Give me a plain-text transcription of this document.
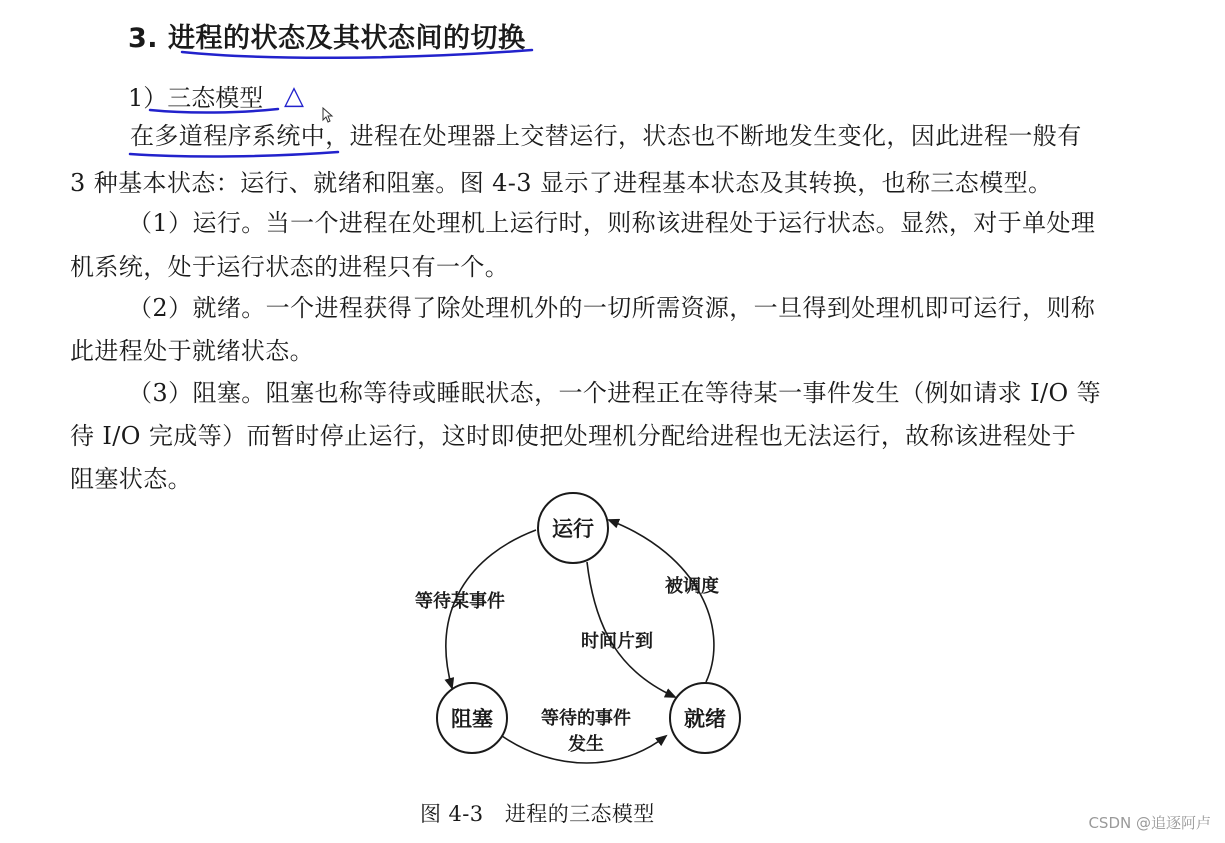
3. 进程的状态及其状态间的切换
1）三态模型
在多道程序系统中，进程在处理器上交替运行，状态也不断地发生变化，因此进程一般有
3 种基本状态：运行、就绪和阻塞。图 4-3 显示了进程基本状态及其转换，也称三态模型。
（1）运行。当一个进程在处理机上运行时，则称该进程处于运行状态。显然，对于单处理
机系统，处于运行状态的进程只有一个。
（2）就绪。一个进程获得了除处理机外的一切所需资源，一旦得到处理机即可运行，则称
此进程处于就绪状态。
（3）阻塞。阻塞也称等待或睡眠状态，一个进程正在等待某一事件发生（例如请求 I/O 等
待 I/O 完成等）而暂时停止运行，这时即使把处理机分配给进程也无法运行，故称该进程处于
阻塞状态。
△
运行
阻塞	就绪
等待某事件
被调度
时间片到
等待的事件
发生
图 4-3　进程的三态模型	CSDN @追逐阿卢
